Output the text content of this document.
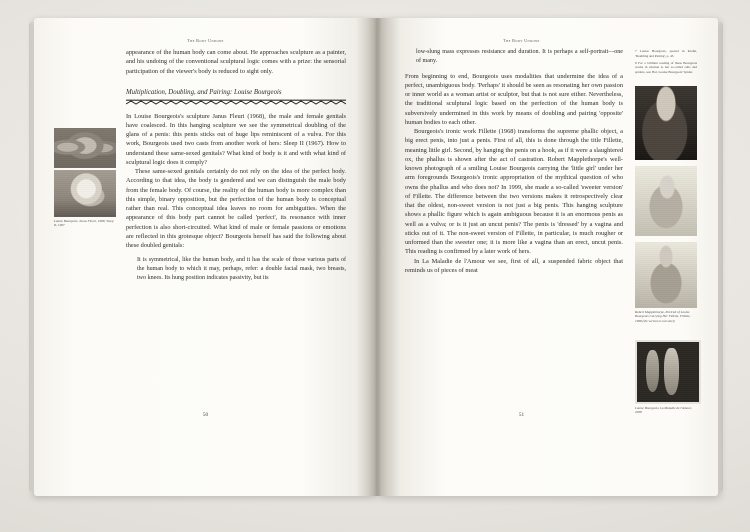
The Body Undone
Louise Bourgeois, Janus Fleuri, 1968; Sleep II, 1967

appearance of the human body can come about. He approaches sculpture as a painter, and his undoing of the conventional sculptural logic comes with a prize: the sensorial participation of the viewer's body is reduced to sight only.

Multiplication, Doubling, and Pairing: Louise Bourgeois

In Louise Bourgeois's sculpture Janus Fleuri (1968), the male and female genitals have coalesced. In this hanging sculpture we see the symmetrical doubling of the glans of a penis: this penis sticks out of huge lips reminiscent of a vulva. For this work, Bourgeois used two casts from another work of hers: Sleep II (1967). How to understand these same-sexed genitals? What kind of body is it and with what kind of sculptural logic does it comply?

These same-sexed genitals certainly do not rely on the idea of the perfect body. According to that idea, the body is gendered and we can distinguish the male body from the female body. Of course, the reality of the human body is more complex than this simple, binary opposition, but the perfection of the human body is conceptual rather than real. This conceptual idea leaves no room for ambiguities. When the appearance of this body part cannot be called 'perfect', its resonance with inner perfection is also short-circuited. What kind of male or female passions or emotions are reflected in this grotesque object? Bourgeois herself has said the following about these doubled genitals:

It is symmetrical, like the human body, and it has the scale of those various parts of the human body to which it may, perhaps, refer: a double facial mask, two breasts, two knees. Its hung position indicates passivity, but its

50
The Body Undone

low-slung mass expresses resistance and duration. It is perhaps a self-portrait—one of many.

From beginning to end, Bourgeois uses modalities that undermine the idea of a perfect, unambiguous body. 'Perhaps' it should be seen as resonating her own passion or inner world as a woman artist or sculptor, but that is not sure either. Nevertheless, the traditional sculptural logic based on the perfection of the human body is subversively undermined in this work by means of doubling and pairing 'opposite' human bodies to each other.

Bourgeois's ironic work Fillette (1968) transforms the supreme phallic object, a big erect penis, into just a penis. First of all, this is done through the title Fillette, meaning little girl. Second, by hanging the penis on a hook, as if it were a slaughtered ox, the phallus is shown after the act of castration. Robert Mapplethorpe's well-known photograph of a smiling Louise Bourgeois carrying the 'little girl' under her arm foregrounds Bourgeois's ironic appropriation of the mythical question of who owns the phallus and who does not? In 1999, she made a so-called 'sweeter version' of Fillette. The difference between the two versions makes it retrospectively clear that the oldest, non-sweet version is not just a big penis. This hanging sculpture shows a phallic figure which is again ambiguous because it is an enormous penis as well as a vulva; or is it just an uncut penis? The penis is 'dressed' by a vagina and sticks out of it. The non-sweet version of Fillette, in particular, is much rougher or unformed than the sweeter one; it is more like a vagina than an erect, uncut penis. This reading is confirmed by a later work of hers.

In La Maladie de l'Amour we see, first of all, a suspended fabric object that reminds us of pieces of meat

7 Louise Bourgeois, quoted in Krohn, 'Doubling and Pairing', p. 43.

8 For a brilliant reading of these Bourgeois works in relation to her so-called cells and spiders, see: Bal, Louise Bourgeois' Spider.

Robert Mapplethorpe, Portrait of Louise Bourgeois Carrying Her Fillette, Fillette, 1968 (the version is not steel)
Louise Bourgeois, La Maladie de l'Amour, 2008
51
